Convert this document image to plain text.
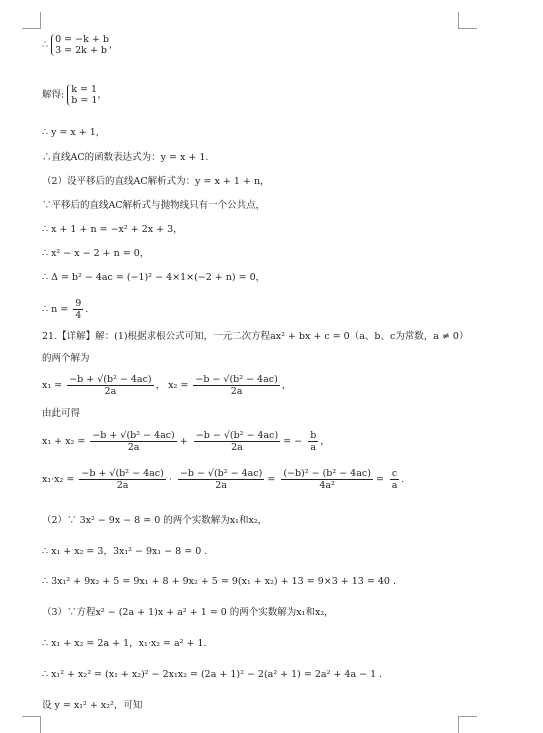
∴ 0 = −k + b
3 = 2k + b ，
解得: k = 1
b = 1 ，
∴ y = x + 1,
∴直线AC的函数表达式为：y = x + 1.
（2）设平移后的直线AC解析式为：y = x + 1 + n，
∵平移后的直线AC解析式与抛物线只有一个公共点，
∴ x + 1 + n = −x² + 2x + 3，
∴ x² − x − 2 + n = 0，
∴ Δ = b² − 4ac = (−1)² − 4×1×(−2 + n) = 0，
∴ $n = \frac{9}{4}$ .
21.【详解】解：(1)根据求根公式可知，一元二次方程ax² + bx + c = 0（a、b、c为常数，a ≠ 0）
的两个解为
$x_1 = \frac{\text{−b + √(b² − 4ac)}}{2a}$ ， $x_2 = \frac{\text{−b − √(b² − 4ac)}}{2a}$ ，
由此可得
$x_1 + x_2 = \frac{\text{−b + √(b² − 4ac)}}{2a} + \frac{\text{−b − √(b² − 4ac)}}{2a}$ = − $\frac{b}{a}$ ，
$x_1\cdot x_2 = \frac{\text{−b + √(b² − 4ac)}}{2a} \cdot \frac{\text{−b − √(b² − 4ac)}}{2a} = \frac{\text{(−b)² − (b² − 4ac)}}{\text{4a²}} = \frac{c}{a}$ .
（2）∵ 3x² − 9x − 8 = 0 的两个实数解为x₁和x₂，
∴ x₁ + x₂ = 3，3x₁² − 9x₁ − 8 = 0 .
∴ 3x₁² + 9x₂ + 5 = 9x₁ + 8 + 9x₂ + 5 = 9(x₁ + x₂) + 13 = 9×3 + 13 = 40 .
（3）∵方程x² − (2a + 1)x + a² + 1 = 0 的两个实数解为x₁和x₂，
∴ x₁ + x₂ = 2a + 1，x₁·x₂ = a² + 1.
∴ x₁² + x₂² = (x₁ + x₂)² − 2x₁x₂ = (2a + 1)² − 2(a² + 1) = 2a² + 4a − 1 .
设 y = x₁² + x₂²，可知
